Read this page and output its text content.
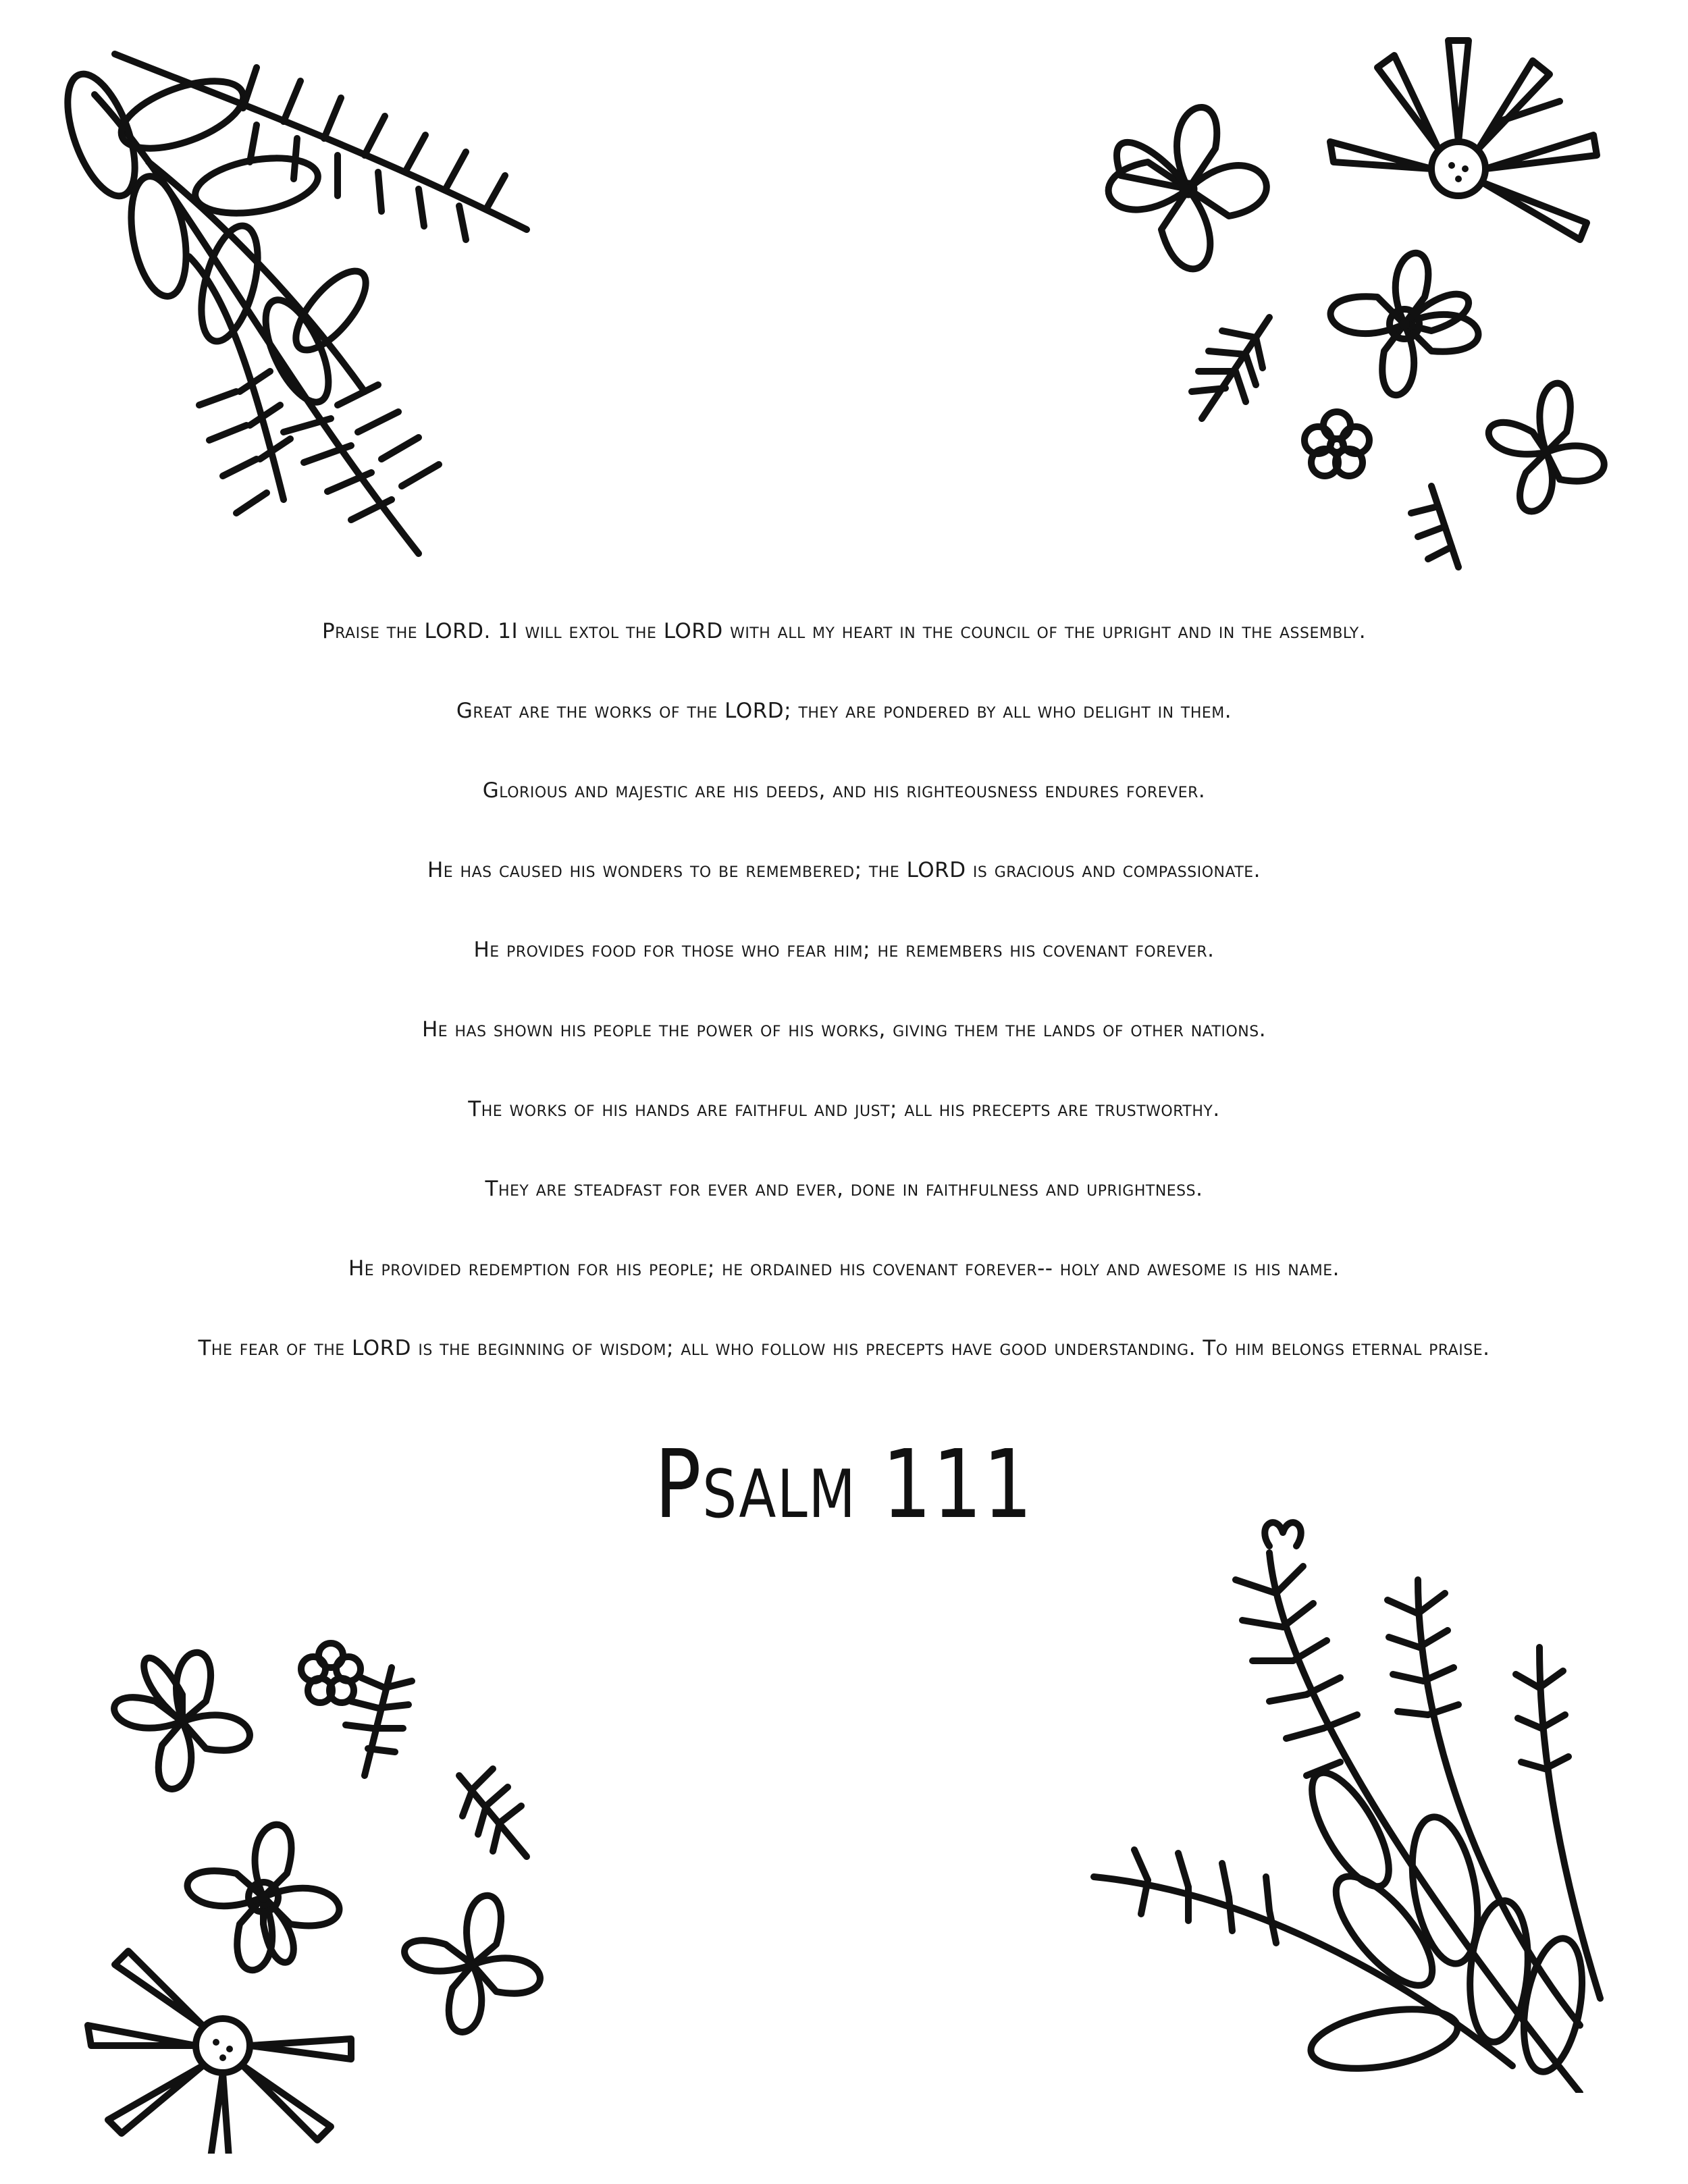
Praise the LORD. 1I will extol the LORD with all my heart in the council of the upright and in the assembly.

Great are the works of the LORD; they are pondered by all who delight in them.

Glorious and majestic are his deeds, and his righteousness endures forever.

He has caused his wonders to be remembered; the LORD is gracious and compassionate.

He provides food for those who fear him; he remembers his covenant forever.

He has shown his people the power of his works, giving them the lands of other nations.

The works of his hands are faithful and just; all his precepts are trustworthy.

They are steadfast for ever and ever, done in faithfulness and uprightness.

He provided redemption for his people; he ordained his covenant forever-- holy and awesome is his name.

The fear of the LORD is the beginning of wisdom; all who follow his precepts have good understanding. To him belongs eternal praise.

Psalm 111
